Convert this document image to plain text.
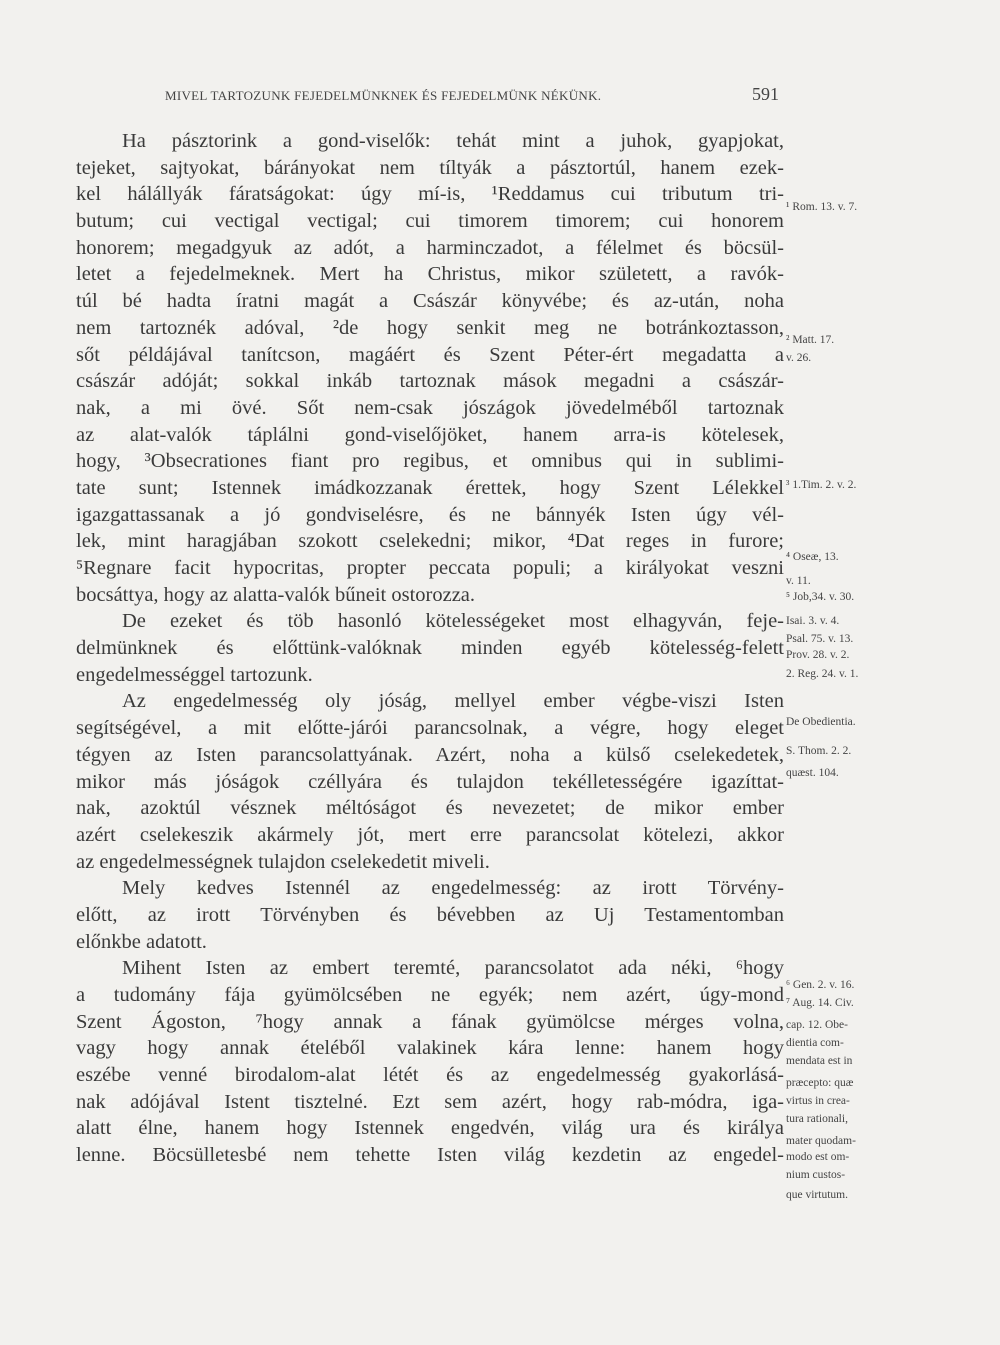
MIVEL TARTOZUNK FEJEDELMÜNKNEK ÉS FEJEDELMÜNK NÉKÜNK.	591
Ha pásztorink a gond-viselők: tehát mint a juhok, gyapjokat,
tejeket, sajtyokat, bárányokat nem tíltyák a pásztortúl, hanem ezek-
kel hálállyák fáratságokat: úgy mí-is, ¹Reddamus cui tributum tri-
butum; cui vectigal vectigal; cui timorem timorem; cui honorem
honorem; megadgyuk az adót, a harminczadot, a félelmet és böcsül-
letet a fejedelmeknek. Mert ha Christus, mikor született, a ravók-
túl bé hadta íratni magát a Császár könyvébe; és az-után, noha
nem tartoznék adóval, ²de hogy senkit meg ne botránkoztasson,
sőt példájával tanítcson, magáért és Szent Péter-ért megadatta a
császár adóját; sokkal inkáb tartoznak mások megadni a császár-
nak, a mi övé. Sőt nem-csak jószágok jövedelméből tartoznak
az alat-valók táplálni gond-viselőjöket, hanem arra-is kötelesek,
hogy, ³Obsecrationes fiant pro regibus, et omnibus qui in sublimi-
tate sunt; Istennek imádkozzanak érettek, hogy Szent Lélekkel
igazgattassanak a jó gondviselésre, és ne bánnyék Isten úgy vél-
lek, mint haragjában szokott cselekedni; mikor, ⁴Dat reges in furore;
⁵Regnare facit hypocritas, propter peccata populi; a királyokat veszni
bocsáttya, hogy az alatta-valók bűneit ostorozza.
De ezeket és töb hasonló kötelességeket most elhagyván, feje-
delmünknek és előttünk-valóknak minden egyéb kötelesség-felett
engedelmességgel tartozunk.
Az engedelmesség oly jóság, mellyel ember végbe-viszi Isten
segítségével, a mit előtte-járói parancsolnak, a végre, hogy eleget
tégyen az Isten parancsolattyának. Azért, noha a külső cselekedetek,
mikor más jóságok czéllyára és tulajdon tekélletességére igazíttat-
nak, azoktúl vésznek méltóságot és nevezetet; de mikor ember
azért cselekeszik akármely jót, mert erre parancsolat kötelezi, akkor
az engedelmességnek tulajdon cselekedetit miveli.
Mely kedves Istennél az engedelmesség: az irott Törvény-
előtt, az irott Törvényben és bévebben az Uj Testamentomban
előnkbe adatott.
Mihent Isten az embert teremté, parancsolatot ada néki, ⁶hogy
a tudomány fája gyümölcsében ne egyék; nem azért, úgy-mond
Szent Ágoston, ⁷hogy annak a fának gyümölcse mérges volna,
vagy hogy annak ételéből valakinek kára lenne: hanem hogy
eszébe venné birodalom-alat létét és az engedelmesség gyakorlásá-
nak adójával Istent tisztelné. Ezt sem azért, hogy rab-módra, iga-
alatt élne, hanem hogy Istennek engedvén, világ ura és királya
lenne. Böcsülletesbé nem tehette Isten világ kezdetin az engedel-
¹ Rom. 13. v. 7.
² Matt. 17.
v. 26.
³ 1.Tim. 2. v. 2.
⁴ Oseæ, 13.
v. 11.
⁵ Job,34. v. 30.
Isai. 3. v. 4.
Psal. 75. v. 13.
Prov. 28. v. 2.
2. Reg. 24. v. 1.
De Obedientia.
S. Thom. 2. 2.
quæst. 104.
⁶ Gen. 2. v. 16.
⁷ Aug. 14. Civ.
cap. 12. Obe-
dientia com-
mendata est in
præcepto: quæ
virtus in crea-
tura rationali,
mater quodam-
modo est om-
nium custos-
que virtutum.
